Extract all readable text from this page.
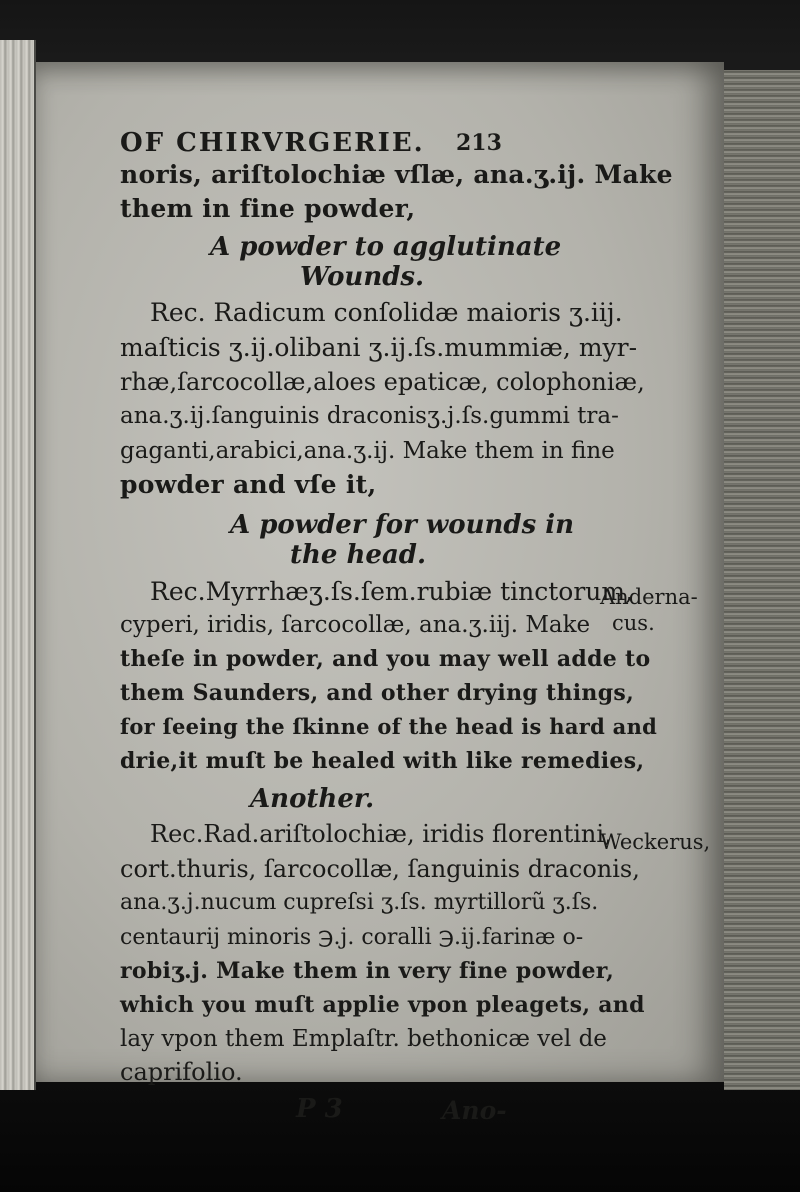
OF CHIRVRGERIE. 213
noris, ariſtolochiæ vſlæ, ana.ʒ.ij. Make
them in fine powder,
A powder to agglutinate
Wounds.
Rec. Radicum conſolidæ maioris ʒ.iij.
maſticis ʒ.ij.olibani ʒ.ij.ſs.mummiæ, myr-
rhæ,ſarcocollæ,aloes epaticæ, colophoniæ,
ana.ʒ.ij.ſanguinis draconisʒ.j.ſs.gummi tra-
gaganti,arabici,ana.ʒ.ij. Make them in fine
powder and vſe it,
A powder for wounds in
the head.
Rec.Myrrhæʒ.ſs.ſem.rubiæ tinctorum,
cyperi, iridis, ſarcocollæ, ana.ʒ.iij. Make
theſe in powder, and you may well adde to
them Saunders, and other drying things,
for ſeeing the ſkinne of the head is hard and
drie,it muſt be healed with like remedies,
Another.
Rec.Rad.ariſtolochiæ, iridis florentini,
cort.thuris, ſarcocollæ, ſanguinis draconis,
ana.ʒ.j.nucum cupreſsi ʒ.ſs. myrtillorũ ʒ.ſs.
centaurij minoris ℈.j. coralli ℈.ij.farinæ o-
robiʒ.j. Make them in very fine powder,
which you muſt applie vpon pleagets, and
lay vpon them Emplaſtr. bethonicæ vel de
caprifolio.
Anderna-
cus.
Weckerus,
P 3	Ano-
